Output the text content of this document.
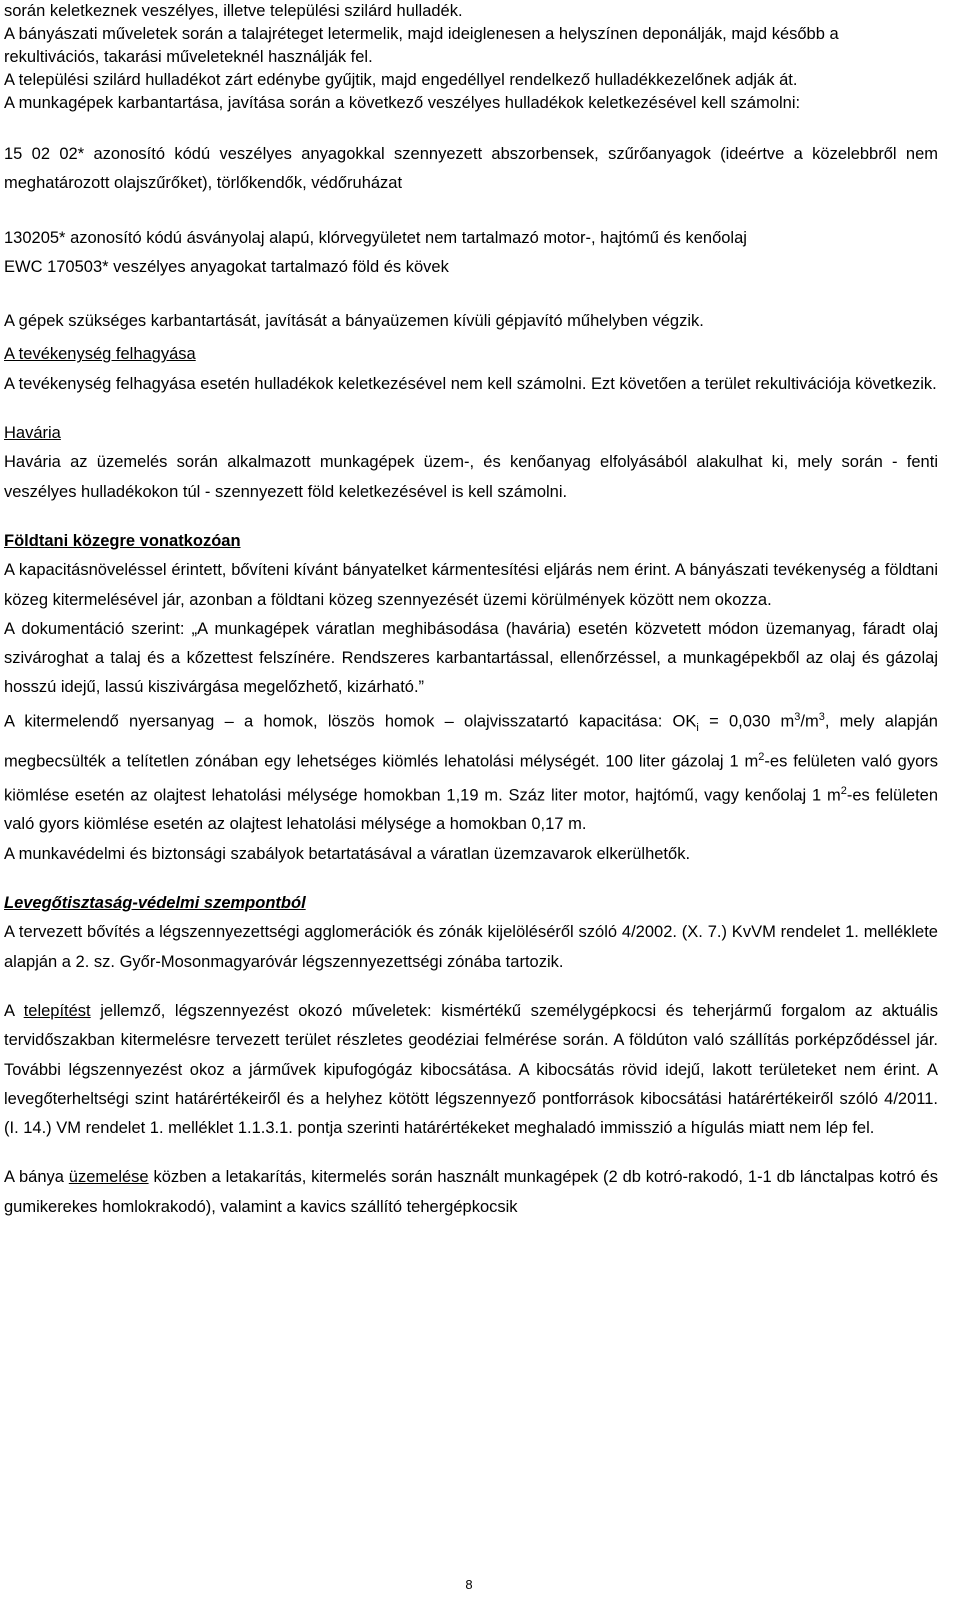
során keletkeznek veszélyes, illetve települési szilárd hulladék.

A bányászati műveletek során a talajréteget letermelik, majd ideiglenesen a helyszínen deponálják, majd később a rekultivációs, takarási műveleteknél használják fel.

A települési szilárd hulladékot zárt edénybe gyűjtik, majd engedéllyel rendelkező hulladékkezelőnek adják át.

A munkagépek karbantartása, javítása során a következő veszélyes hulladékok keletkezésével kell számolni:

15 02 02* azonosító kódú veszélyes anyagokkal szennyezett abszorbensek, szűrőanyagok (ideértve a közelebbről nem meghatározott olajszűrőket), törlőkendők, védőruházat

130205* azonosító kódú ásványolaj alapú, klórvegyületet nem tartalmazó motor-, hajtómű és kenőolaj

EWC 170503* veszélyes anyagokat tartalmazó föld és kövek

A gépek szükséges karbantartását, javítását a bányaüzemen kívüli gépjavító műhelyben végzik.

A tevékenység felhagyása

A tevékenység felhagyása esetén hulladékok keletkezésével nem kell számolni. Ezt követően a terület rekultivációja következik.

Havária

Havária az üzemelés során alkalmazott munkagépek üzem-, és kenőanyag elfolyásából alakulhat ki, mely során - fenti veszélyes hulladékokon túl - szennyezett föld keletkezésével is kell számolni.

Földtani közegre vonatkozóan

A kapacitásnöveléssel érintett, bővíteni kívánt bányatelket kármentesítési eljárás nem érint. A bányászati tevékenység a földtani közeg kitermelésével jár, azonban a földtani közeg szennyezését üzemi körülmények között nem okozza.

A dokumentáció szerint: „A munkagépek váratlan meghibásodása (havária) esetén közvetett módon üzemanyag, fáradt olaj szivároghat a talaj és a kőzettest felszínére. Rendszeres karbantartással, ellenőrzéssel, a munkagépekből az olaj és gázolaj hosszú idejű, lassú kiszivárgása megelőzhető, kizárható.”

A kitermelendő nyersanyag – a homok, löszös homok – olajvisszatartó kapacitása: $OK_i = 0,030$ $m^3/m^3$, mely alapján megbecsülték a telítetlen zónában egy lehetséges kiömlés lehatolási mélységét. 100 liter gázolaj 1 $m^2-es$ felületen való gyors kiömlése esetén az olajtest lehatolási mélysége homokban 1,19 m. Száz liter motor, hajtómű, vagy kenőolaj 1 $m^2-es$ felületen való gyors kiömlése esetén az olajtest lehatolási mélysége a homokban 0,17 m.

A munkavédelmi és biztonsági szabályok betartatásával a váratlan üzemzavarok elkerülhetők.

Levegőtisztaság-védelmi szempontból

A tervezett bővítés a légszennyezettségi agglomerációk és zónák kijelöléséről szóló 4/2002. (X. 7.) KvVM rendelet 1. melléklete alapján a 2. sz. Győr-Mosonmagyaróvár légszennyezettségi zónába tartozik.

A telepítést jellemző, légszennyezést okozó műveletek: kismértékű személygépkocsi és teherjármű forgalom az aktuális tervidőszakban kitermelésre tervezett terület részletes geodéziai felmérése során. A földúton való szállítás porképződéssel jár. További légszennyezést okoz a járművek kipufogógáz kibocsátása. A kibocsátás rövid idejű, lakott területeket nem érint. A levegőterheltségi szint határértékeiről és a helyhez kötött légszennyező pontforrások kibocsátási határértékeiről szóló 4/2011. (I. 14.) VM rendelet 1. melléklet 1.1.3.1. pontja szerinti határértékeket meghaladó immisszió a hígulás miatt nem lép fel.

A bánya üzemelése közben a letakarítás, kitermelés során használt munkagépek (2 db kotró-rakodó, 1-1 db lánctalpas kotró és gumikerekes homlokrakodó), valamint a kavics szállító tehergépkocsik

8
